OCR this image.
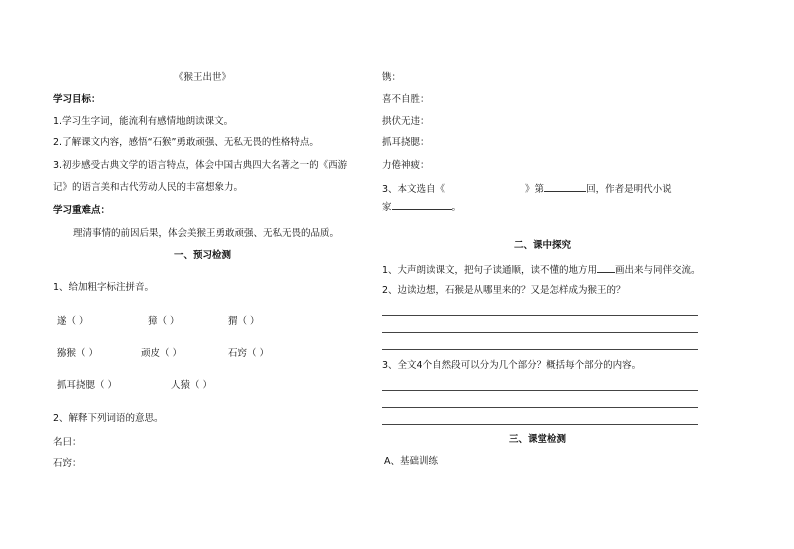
《猴王出世》
学习目标：
1.学习生字词，能流利有感情地朗读课文。
2.了解课文内容，感悟“石猴”勇敢顽强、无私无畏的性格特点。
3.初步感受古典文学的语言特点，体会中国古典四大名著之一的《西游
记》的语言美和古代劳动人民的丰富想象力。
学习重难点：
理清事情的前因后果，体会美猴王勇敢顽强、无私无畏的品质。
一、预习检测
1、给加粗字标注拼音。
遂（ ）	獐（ ）	猬（ ）
猕猴（ ）	顽皮（ ）	石窍（ ）
抓耳挠腮（ ）	人猿（ ）
2、解释下列词语的意思。
名曰：
石窍：
镌：
喜不自胜：
拱伏无违：
抓耳挠腮：
力倦神疲：
3、本文选自《	》第	回，作者是明代小说
家	。
二、课中探究
1、大声朗读课文，把句子读通顺，读不懂的地方用 画出来与同伴交流。
2、边读边想，石猴是从哪里来的？又是怎样成为猴王的？
3、全文4个自然段可以分为几个部分？概括每个部分的内容。
三、课堂检测
A、基础训练
